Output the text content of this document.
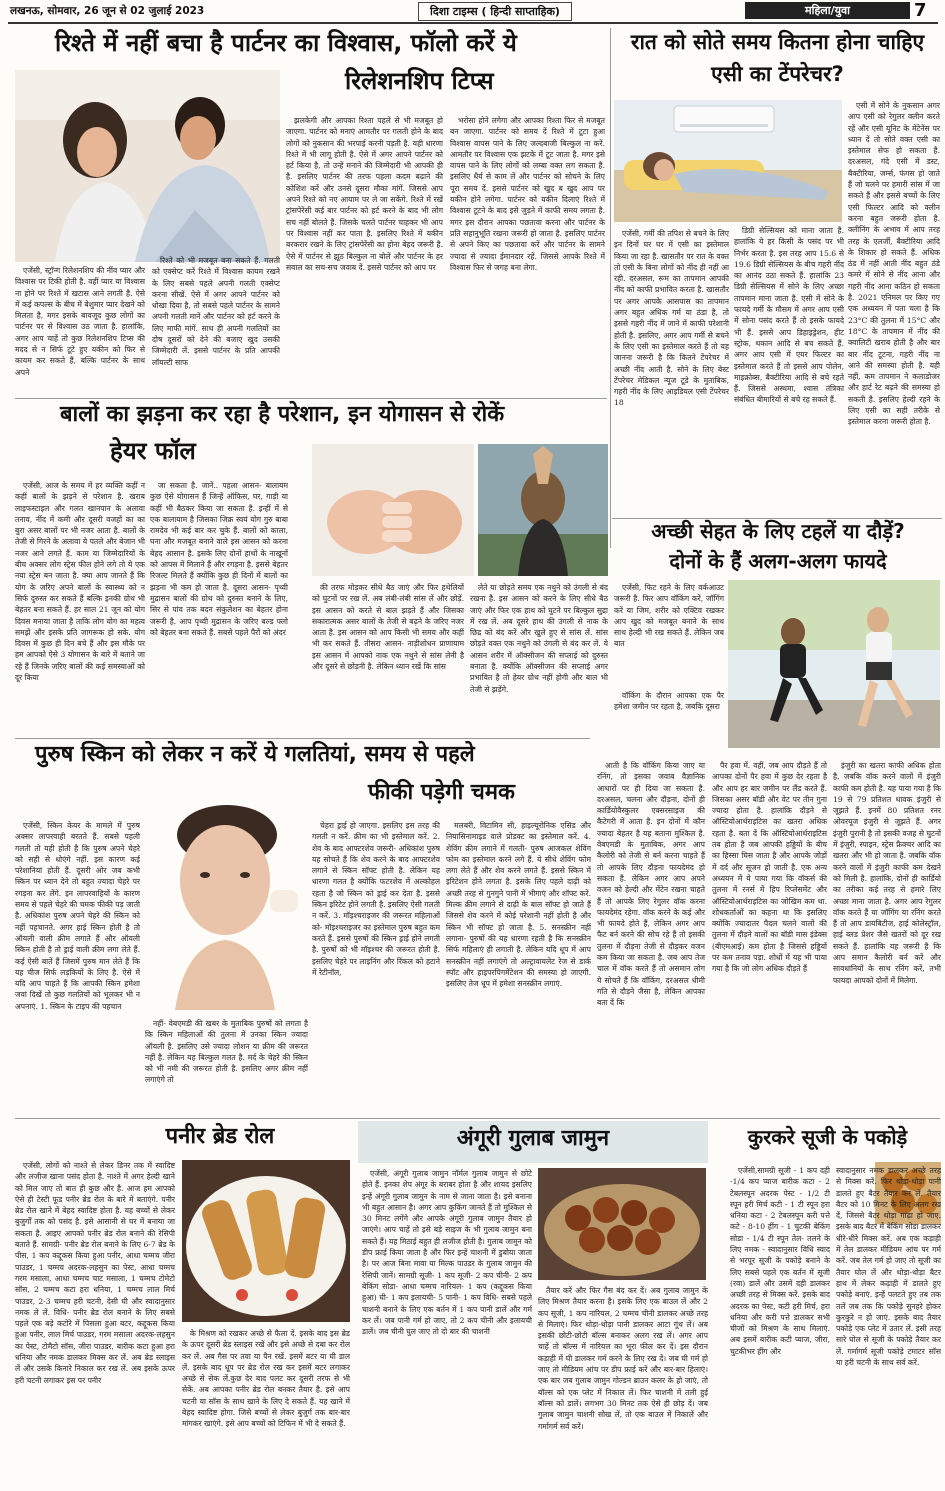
लखनऊ, सोमवार, 26 जून से 02 जुलाई 2023	दिशा टाइम्स ( हिन्दी साप्ताहिक)	महिला/युवा	7
रिश्ते में नहीं बचा है पार्टनर का विश्वास, फॉलो करें ये
रिलेशनशिप टिप्स

एजेंसी, स्ट्रॉन्ग रिलेशनशिप की नींव प्यार और विश्वास पर टिकी होती है. वहीं प्यार या विश्वास ना होने पर रिश्ते में खटास आने लगती है. ऐसे में कई कपल्स के बीच में बेशुमार प्यार देखने को मिलता है, मगर इसके बावजूद कुछ लोगों का पार्टनर पर से विश्वास उठ जाता है. हालांकि, अगर आप चाहें तो कुछ रिलेशनशिप टिप्स की मदद से न सिर्फ टूटे हुए यकीन को फिर से कायम कर सकते हैं, बल्कि पार्टनर के साथ अपने

रिश्ते को भी मजबूत बना सकते हैं. गलती को एक्सेप्ट करें रिश्ते में विश्वास कायम रखने के लिए सबसे पहले अपनी गलती एक्सेप्ट करना सीखें. ऐसे में अगर आपने पार्टनर को धोखा दिया है, तो सबसे पहले पार्टनर के सामने अपनी गलती मानें और पार्टनर को हर्ट करने के लिए माफी मांगें. साथ ही अपनी गलतियों का दोष दूसरों को देने की बजाए खुद उसकी जिम्मेदारी लें. इससे पार्टनर के प्रति आपकी लॉयल्टी साफ

झलकेगी और आपका रिश्ता पहले से भी मजबूत हो जाएगा. पार्टनर को मनाएं आमतौर पर गलती होने के बाद लोगों को नुकसान की भरपाई करनी पड़ती है. यही धारणा रिश्ते में भी लागू होती है. ऐसे में अगर आपने पार्टनर को हर्ट किया है, तो उन्हें मनाने की जिम्मेदारी भी आपकी ही है. इसलिए पार्टनर की तरफ पहला कदम बढ़ाने की कोशिश करें और उनसे दूसरा मौका मांगें. जिससे आप अपने रिश्ते को नए आयाम पर ले जा सकेंगे. रिश्ते में रखें ट्रांसपेरेंसी कई बार पार्टनर को हर्ट करने के बाद भी लोग सच नहीं बोलते हैं. जिसके चलते पार्टनर चाहकर भी आप पर विश्वास नहीं कर पाता है. इसलिए रिश्ते में यकीन बरकरार रखने के लिए ट्रांसपेरेंसी का होना बेहद जरूरी है. ऐसे में पार्टनर से झूठ बिल्कुल ना बोलें और पार्टनर के हर सवाल का सच-सच जवाब दें. इससे पार्टनर को आप पर

भरोसा होने लगेगा और आपका रिश्ता फिर से मजबूत बन जाएगा. पार्टनर को समय दें रिश्ते में टूटा हुआ विश्वास वापस पाने के लिए जल्दबाजी बिल्कुल ना करें. आमतौर पर विश्वास एक झटके में टूट जाता है. मगर इसे वापस पाने के लिए लोगों को लम्बा वक्त लग सकता है. इसलिए धैर्य से काम लें और पार्टनर को सोचने के लिए पूरा समय दें. इससे पार्टनर को खुद ब खुद आप पर यकीन होने लगेगा. पार्टनर को यकीन दिलाएं रिश्ते में विश्वास टूटने के बाद इसे जुड़ने में काफी समय लगता है. मगर इस दौरान आपका पछतावा करना और पार्टनर के प्रति सहानुभूति रखना जरूरी हो जाता है. इसलिए पार्टनर से अपने किए का पछतावा करें और पार्टनर के सामने ज्यादा से ज्यादा ईमानदार रहें. जिससे आपके रिश्ते में विश्वास फिर से जगह बना लेगा.

रात को सोते समय कितना होना चाहिए
एसी का टेंपरेचर?

एजेंसी, गर्मी की तपिश से बचने के लिए इन दिनों घर घर में एसी का इस्तेमाल किया जा रहा है. खासतौर पर रात के वक्त तो एसी के बिना लोगों को नींद ही नहीं आ रही. दरअसल, रूम का तापमान आपकी नींद को काफी प्रभावित करता है. खासतौर पर अगर आपके आसपास का तापमान अगर बहुत अधिक गर्म या ठंडा है, तो इससे गहरी नींद में जाने में काफी परेशानी होती है. इसलिए, अगर आप गर्मी से बचने के लिए एसी का इस्तेमाल करते हैं तो यह जानना जरूरी है कि कितने टेंपरेचर में अच्छी नींद आती है. सोने के लिए बेस्ट टेंपरेचर मेडिकल न्यूज टूडे के मुताबिक, गहरी नींद के लिए आइडियल एसी टेंपरेचर 18

डिग्री सेल्सियस को माना जाता है. हालांकि ये हर किसी के पसंद पर भी निर्भर करता है. इस तरह आप 15.6 से 19.6 डिग्री सेल्सियस के बीच गहरी नींद का आनंद उठा सकते हैं. हालांकि 23 डिग्री सेल्सियस में सोने के लिए अच्छा तापमान माना जाता है. एसी में सोने के फायदे गर्मी के मौसम में अगर आप एसी में सोना पसंद करते हैं तो इसके फायदे भी हैं. इससे आप डिहाइड्रेशन, हीट स्ट्रोक, थकान आदि से बच सकते हैं. अगर आप एसी में एयर फिल्टर का इस्तेमाल करते हैं तो इससे आप पोलेन, माइक्रोब्स, बैक्टीरिया आदि से बचे रहते हैं. जिससे अस्थमा, श्वास तंत्रिका संबंधित बीमारियों से बचे रह सकते हैं.

एसी में सोने के नुकसान अगर आप एसी को रेगुलर क्लीन करते रहें और एसी यूनिट के मेंटेनेंस पर ध्यान दें तो सोते वक्त एसी का इस्तेमाल सेफ हो सकता है. दरअसल, गंदे एसी में डस्ट, बैक्टीरिया, जर्म्स, फंगस हो जाते हैं जो चलने पर हमारी सांस में जा सकते हैं और इससे बच्चों के लिए एसी फिल्टर आदि को क्लीन करना बहुत जरूरी होता है. क्लीनिंग के अभाव में आप तरह तरह के एलर्जी, बैक्टीरिया आदि के शिकार हो सकते हैं. अधिक ठंड में नहीं आती नींद बहुत ठंडे कमरे में सोने से नींद आना और गहरी नींद आना कठिन हो सकता है. 2021 एनिमल पर किए गए एक अध्ययन में पता चला है कि 23°C की तुलना में 15°C और 18°C के तापमान में नींद की क्वालिटी खराब होती है और बार बार नींद टूटना, गहरी नींद ना आने की समस्या होती है. यही नहीं, कम तापमान ने कलाडोजर और हार्ट रेट बढ़ने की समस्या हो सकती है. इसलिए हेल्दी रहने के लिए एसी का सही तरीके से इस्तेमाल करना जरूरी होता है.

बालों का झड़ना कर रहा है परेशान, इन योगासन से रोकें
हेयर फॉल

एजेंसी, आज के समय में हर व्यक्ति कहीं न कहीं बालों के झड़ने से परेशान है. खराब लाइफस्टाइल और गलत खानपान के अलावा तनाव, नींद में कमी और दूसरी वजहों का का बुरा असर बालों पर भी नजर आता है. बालों के तेजी से गिरने के अलावा ये पतले और बेजान भी नजर आने लगते हैं. काम या जिम्मेदारियों के बीच अक्सर लोग स्ट्रेस फील होने लगे तो ये एक नया स्ट्रेस बन जाता है. क्या आप जानते हैं कि योग के जरिए अपने बालों के स्वास्थ्य को न सिर्फ दुरुस्त कर सकते हैं बल्कि इनकी ग्रोथ भी बेहतर बना सकते हैं. हर साल 21 जून को योग दिवस मनाया जाता है ताकि लोग योग का महत्व समझें और इसके प्रति जागरूक हो सके. योग दिवस में कुछ ही दिन बचे हैं और इस मौके पर हम आपको ऐसे 3 योगासन के बारे में बताने जा रहे हैं जिनके जरिए बालों की कई समस्याओं को दूर किया

जा सकता है. जानें.. पहला आसन- बालायम कुछ ऐसे योगासन हैं जिन्हें ऑफिस, घर, गाड़ी या कहीं भी बैठकर किया जा सकता है. इन्हीं में से एक बालायाम है जिसका जिक्र स्वयं योग गुरु बाबा रामदेव भी कई बार कर चुके हैं. बालों को काला, घना और मजबूत बनाने वाले इस आसन को करना बेहद आसान है. इसके लिए दोनों हाथों के नाखूनों को आपस में मिलाने हैं और रगड़ना है. इससे बेहतर रिजल्ट मिलते हैं क्योंकि कुछ ही दिनों में बालों का झड़ना भी कम हो जाता है. दूसरा आसन- पृथ्वी मुद्रासन बालों की ग्रोथ को दुरुस्त बनाने के लिए, सिर से पांव तक बदन संकुलेशन का बेहतर होना जरूरी है. आप पृथ्वी मुद्रासन के जरिए बल्ड फ्लो को बेहतर बना सकते हैं. सबसे पहले पैरों को अंदर

की तरफ मोड़कर सीधे बैठ जाएं और फिर हथेलियों को घुटनों पर रख लें. अब लंबी-लंबी सांस लें और छोड़ें. इस आसन को करते से बाल झड़ते हैं और जिसका सकारात्मक असर बालों के तेजी से बढ़ने के जरिए नजर आता है. इस आसन को आप किसी भी समय और कहीं भी कर सकते हैं. तीसरा आसन- नाड़ीशोधन प्राणायाम इस आसन में आपको नाक एक नथुने से सांस लेनी है और दूसरे से छोड़नी है. लेकिन ध्यान रखें कि सांस

लेते या छोड़ते समय एक नथुने को उंगली से बंद रखना है. इस आसन को करने के लिए सीधे बैठ जाएं और फिर एक हाथ को घुटने पर बिल्कुल सुद्रा में रख लें. अब दूसरे हाथ की उंगली से नाक के छिद्र को बंद करें और खुले हुए से सांस लें. सांस छोड़ते वक्त एक नथुने को उंगली से बंद कर लें. ये आसन शरीर में ऑक्सीजन की सप्लाई को दुरुस्त बनाता है. क्योंकि ऑक्सीजन की सप्लाई अगर प्रभावित है तो हेयर ग्रोथ नहीं होगी और बाल भी तेजी से झड़ेंगे.

अच्छी सेहत के लिए टहलें या दौड़ें?
दोनों के हैं अलग-अलग फायदे

एजेंसी, फिट रहने के लिए वर्कआउट जरूरी है. फिर आप वॉकिंग करें, जॉगिंग करें या जिम, शरीर को एक्टिव रखकर आप खुद को मजबूत बनाने के साथ साथ हेल्दी भी रख सकते हैं. लेकिन जब बात

वॉकिंग के दौरान आपका एक पैर हमेशा जमीन पर रहता है, जबकि दूसरा

आती है कि वॉकिंग किया जाए या रनिंग, तो इसका जवाब वैज्ञानिक आधारों पर ही दिया जा सकता है. दरअसल, चलना और दौड़ना, दोनों ही कार्डियोवैस्कुलर एक्सरसाइज की कैटेगरी में आता है. इन दोनों में कौन ज्यादा बेहतर है यह बताना मुश्किल है. वेबएमडी के मुताबिक, अगर आप कैलोरी को तेजी से बर्न करना चाहते हैं तो आपके लिए दौड़ना फायदेमंद हो सकता है. लेकिन अगर आप अपने वजन को हेल्दी और मेंटेन रखना चाहते हैं तो आपके लिए रेगुलर वॉक करना फायदेमंद रहेगा. वॉक करने के कई और भी फायदे होते हैं, लेकिन अगर आप फैट बर्न करने की सोच रहे हैं तो इसकी तुलना में दौड़ना तेजी से दौड़कर वजन कम किया जा सकता है. जब आप तेज चाल में वॉक करते हैं तो असमान लोग ये सोचते हैं कि वॉकिंग, दरअसल धीमी गति से दौड़ने जैसा है, लेकिन आपका बता दें कि

पैर हवा में. वहीं, जब आप दौड़ते हैं तो आपका दोनों पैर हवा में कुछ देर रहता है और आप हर बार जमीन पर लैंड करते हैं. जिसका असर बॉडी और वेट पर तीन गुना ज्यादा होता है. हालांकि दौड़ने से ऑस्टियोआर्थराइटिस का खतरा अधिक रहता है. बता दें कि ऑस्टियोआर्थराइटिस तब होता है जब आपकी हड्डियों के बीच का हिस्सा घिस जाता है और आपके जोड़ों में दर्द और सूजन हो जाती है. एक अन्य अध्ययन में ये पाया गया कि वॉकर्स की तुलना में रनर्स में हिप रिप्लेसमेंट और ऑस्टियोआर्थराइटिस का जोखिम कम था. शोधकर्ताओं का कहना था कि इसलिए क्योंकि ज्यादातर पैदल चलने वालों की तुलना में दौड़ने वालों का बॉडी मास इंडेक्स (बीएमआई) कम होता है जिससे हड्डियों पर कम तनाव पड़ा. शोधों में यह भी पाया गया है कि जो लोग अधिक दौड़ते हैं

इंजुरी का खतरा काफी अधिक होता है, जबकि वॉक करने वालों में इंजुरी काफी कम होती है. यह पाया गया है कि 19 से 79 प्रतिशत धावक इंजुरी से जूझते हैं. इनमें 80 प्रतिशत रनर ओवरयूज इंजुरी से जूझते हैं. अगर इंजुरी पुरानी है तो इसकी वजह से घुटनों में इंजुरी, स्पाइन, स्ट्रेस फ्रैक्चर आदि का खतरा और भी हो जाता है. जबकि वॉक करने वालों में इंजुरी काफी कम देखने को मिली है. हालांकि, दोनों ही कार्डियो का तरीका कई तरह से हमारे लिए अच्छा माना जाता है. अगर आप रेगुलर वॉक करते हैं या जॉगिंग या रनिंग करते हैं तो आप डायबिटीज, हाई कोलेस्ट्रॉल, हाई ब्लड प्रेशर जैसे खतरों को दूर रख सकते हैं. हालांकि यह जरूरी है कि आप समान कैलोरी बर्न करें और सावधानियों के साथ रनिंग करें, तभी फायदा आपको दोनों में मिलेगा.

पुरुष स्किन को लेकर न करें ये गलतियां, समय से पहले
फीकी पड़ेगी चमक

एजेंसी, स्किन केयर के मामले में पुरुष अक्सर लापरवाही बरतते हैं. सबसे पहली गलती तो यही होती है कि पुरुष अपने चेहरे को सही से धोएंगे नहीं. इस कारण कई परेशानियां होती हैं. दूसरी ओर जब कभी स्किन पर ध्यान देने तो बहुत ज्यादा चेहरे पर रगड़ना कर लेंगे. इन लापरवाहियों के कारण समय से पहले चेहरे की चमक फीकी पड़ जाती है. अधिकांश पुरुष अपने चेहरे की स्किन को नहीं पहचानते. अगर हाई स्किन होती है तो ऑयली वाली क्रीम लगाते हैं और ऑयली स्किन होती है तो ड्राई वाली क्रीम लगा लेते हैं. कई ऐसी बातें हैं जिसमें पुरुष मान लेते हैं कि यह चीज सिर्फ लड़कियों के लिए है. ऐसे में यदि आप चाहते हैं कि आपकी स्किन हमेशा जवां दिखें तो कुछ गलतियों को भूलकर भी न अपनाएं. 1. स्किन के टाइप की पहचान

नहीं- वेबएमडी की खबर के मुताबिक पुरुषों को लगता है कि स्किन महिलाओं की तुलना में उनका स्किन ज्यादा ऑयली है. इसलिए उसे ज्यादा लोशन या क्रीम की जरूरत नहीं है. लेकिन यह बिल्कुल गलत है. मर्द के चेहरे की स्किन को भी नमी की जरूरत होती है. इसलिए अगर क्रीम नहीं लगाएंगे तो

चेहरा ड्राई हो जाएगा. इसलिए इस तरह की गलती न करें. क्रीम का भी इस्तेमाल करें. 2. शेव के बाद आफ्टरशेव जरूरी- अधिकांश पुरुष यह सोचते हैं कि शेव करने के बाद आफ्टरशेव लगाने से स्किन सॉफ्ट होती है. लेकिन यह धारणा गलत है क्योंकि फटरशेव में अल्कोहल रहता है जो स्किन को ड्राई कर देता है. इससे स्किन इरिटेट होने लगती है. इसलिए ऐसी गलती न करें. 3. मॉइश्चराइजर की जरूरत महिलाओं को- मॉइश्चराइजर का इस्तेमाल पुरुष बहुत कम करते हैं. इससे पुरुषों की स्किन ड्राई होने लगती है. पुरुषों को भी मॉइश्चर की जरूरत होती है. इसलिए चेहरे पर लाइनिंग और रिंकल को हटाने में रेटीनॉल,

मलबरी, विटामिन सी, हाइल्यूरोनिक एसिड और नियासिनामाइड वाले प्रोडक्ट का इस्तेमाल करें. 4. शेविंग क्रीम लगाने में गलती- पुरुष आजकल शेविंग फोम का इस्तेमाल करने लगे हैं. ये सीधे शेविंग फोम लगा लेते हैं और शेव करने लगते हैं. इससे स्किन में इरिटेशन होने लगता है. इसके लिए पहले दाढ़ी को अच्छी तरह से गुनगुने पानी में भीगाएं और शॉफ्ट करें. मिल्क क्रीम लगाने से दाढ़ी के बाल सॉफ्ट हो जाते हैं जिससे शेव करने में कोई परेशानी नहीं होती है और स्किन भी सॉफ्ट हो जाता है. 5. सनस्क्रीन नहीं लगाना- पुरुषों की यह धारणा रहती है कि सनस्क्रीन सिर्फ महिलाएं ही लगाती है. लेकिन यदि धूप में आप सनस्क्रीन नहीं लगाएंगे तो अल्ट्रावायलेट रेज से डार्क स्पॉट और हाइपरपिगमेंटेशन की समस्या हो जाएगी. इसलिए तेज धूप में हमेशा सनस्क्रीन लगाएं.

पनीर ब्रेड रोल

एजेंसी, लोगों को नाश्ते से लेकर डिनर तक में स्वादिष्ट और लजीज खाना पसंद होता है. नाश्ते में अगर हेल्दी खाने को मिल जाए तो बात ही कुछ और है. आज हम आपको ऐसे ही टेस्टी फूड पनीर ब्रेड रोल के बारे में बताएंगे. पनीर ब्रेड रोल खाने में बेहद स्वादिष्ट होता है. यह बच्चों से लेकर बुजुर्गों तक को पसंद है. इसे आसानी से घर में बनाया जा सकता है. आइए आपको पनीर ब्रेड रोल बनाने की रेसिपी बताते हैं. सामग्री- पनीर ब्रेड रोल बनाने के लिए 6-7 ब्रेड के पीस, 1 कप कद्दूकस किया हुआ पनीर, आधा चम्मच जीरा पाउडर, 1 चम्मच अदरक-लहसुन का पेस्ट, आधा चम्मच गरम मसाला, आधा चम्मच चाट मसाला, 1 चम्मच टोमेटो सॉस, 2 चम्मच कटा हरा धनिया, 1 चम्मच लाल मिर्च पाउडर, 2-3 चम्मच हरी चटनी, देसी घी और स्वादानुसार नमक ले लें. विधि- पनीर ब्रेड रोल बनाने के लिए सबसे पहले एक बड़े कटोरे में पिसला हुआ बटर, कद्दूकस किया हुआ पनीर, लाल मिर्च पाउडर, गरम मसाला अदरक-लहसुन का पेस्ट, टोमैटो सॉस, जीरा पाउडर, बारीक कटा हुआ हरा धनिया और नमक डालकर मिक्स कर लें. अब ब्रेड स्लाइस लें और उसके किनारे निकाल कर रख लें. अब इसके ऊपर हरी चटनी लगाकर इस पर पनीर

के मिश्रण को रखकर अच्छे से फैला दें. इसके बाद इस ब्रेड के ऊपर दूसरी ब्रेड स्लाइस रखें और इसे अच्छे से दबा कर रोल कर लें. अब गैस पर तवा या पैन रखें. इसमें बटर या घी डाल लें. इसके बाद धूप पर ब्रेड रोल रख कर इसमें बटर लगाकर अच्छे से सेक लें.कुछ देर बाद पलट कर दूसरी तरफ से भी सेकें. अब आपका पनीर ब्रेड रोल बनकर तैयार है. इसे आप चटनी या सॉस के साथ खाने के लिए दे सकते हैं. यह खाने में बेहद स्वादिष्ट होगा. जिसे बच्चों से लेकर बुजुर्ग तक बार-बार मांगकर खाएंगे. इसे आप बच्चों को टिफिन में भी दे सकते हैं.

अंगूरी गुलाब जामुन

एजेंसी, अंगूरी गुलाब जामुन नॉर्मल गुलाब जामुन से छोटे होते हैं. इनका शेप अंगूर के बराबर होता है और शायद इसलिए इन्हें अंगूरी गुलाब जामुन के नाम से जाना जाता है। इसे बनाना भी बहुत आसान है। अगर आप कुकिंग जानते हैं तो मुश्किल से 30 मिनट लगेंगे और आपके अंगूरी गुलाब जामुन तैयार हो जाएंगे। आप चाहें तो इसे बड़े साइज के भी गुलाब जामुन बना सकते हैं। यह मिठाई बहुत ही लजीज होती है। गुलाब जामुन को डीप फ्राई किया जाता है और फिर इन्हें चाशनी में डुबोया जाता है। पर आज बिना मावा या मिल्क पाउडर के गुलाब जामुन की रेसिपी जानें। सामग्री सूजी- 1 कप सूजी- 2 कप चीनी- 2 कप बेकिंग सोडा- आधा चम्मच नारियल- 1 कप (कद्दूकस किया हुआ) घी- 1 कप इलायची- 5 पानी- 1 कप विधि- सबसे पहले चाशनी बनाने के लिए एक बर्तन में 1 कप पानी डालें और गर्म कर लें। जब पानी गर्म हो जाए, तो 2 कप चीनी और इलायची डालें। जब चीनी घुल जाए तो दो बार की चाशनी

तैयार करें और फिर गैस बंद कर दें। अब गुलाब जामुन के लिए मिश्रण तैयार करना है। इसके लिए एक बाउल लें और 2 कप सूजी, 1 कप नारियल, 2 चम्मच चीनी डालकर अच्छे तरह से मिलाएं। फिर थोड़ा-थोड़ा पानी डालकर आटा गूंथ लें। अब इसकी छोटी-छोटी बॉल्स बनाकर अलग रख लें। अगर आप चाहें तो बॉल्स में नारियल का भूरा फील कर दें। इस दौरान कड़ाही में घी डालकर गर्म करने के लिए रख दें। जब घी गर्म हो जाए तो मीडियम आंच पर डीप फ्राई करें और बार-बार हिलाएं। एक बार जब गुलाब जामुन गोल्डन ब्राउन कलर के हो जाएं, तो बॉल्स को एक प्लेट में निकाल लें। फिर चाशनी में तली हुई बॉल्स को डालें। लगभग 30 मिनट तक ऐसे ही छोड़ दें। जब गुलाब जामुन चाशनी सोख लें, तो एक बाउल में निकालें और गर्मागर्म सर्व करें।

कुरकरे सूजी के पकोड़े

एजेंसी,सामग्री सूजी - 1 कप दही -1/4 कप प्याज बारीक कटा - 2 टेबलस्पून अदरक पेस्ट - 1/2 टी स्पून हरी मिर्च कटी - 1 टी स्पून हरा धनिया कटा - 2 टेबलस्पून करी पत्ते कटे - 8-10 हींग - 1 चुटकी बेकिंग सोडा - 1/4 टी स्पून तेल- तलने के लिए नमक - स्वादानुसार विधि स्वाद से भरपूर सूजी के पकोड़े बनाने के लिए सबसे पहले एक बर्तन में सूजी (रवा) डालें और उसमें दही डालकर अच्छी तरह से मिक्स करें. इसके बाद अदरक का पेस्ट, कटी हरी मिर्च, हरा धनिया और करी पत्ते डालकर सभी चीजों को मिश्रण के साथ मिलाएं. अब इसमें बारीक कटी प्याज, जीरा, चुटकीभर हींग और

स्वादानुसार नमक डालकर अच्छे तरह से मिक्स करें. फिर थोड़ा-थोड़ा पानी डालते हुए बैटर तैयार कर लें. तैयार बैटर को 10 मिनट के लिए अलग रख दें, जिससे बैटर थोड़ा गाढ़ा हो जाए. इसके बाद बैटर में बेकिंग सोडा डालकर धीरे-धीरे मिक्स करें. अब एक कड़ाही में तेल डालकर मीडियम आंच पर गर्म करें. जब तेल गर्म हो जाए तो सूजी का तैयार घोल लें और थोड़ा-थोड़ा बैटर हाथ में लेकर कढ़ाही में डालते हुए पकोड़े बनाएं. इन्हें पलटते हुए तब तक तलें जब तक कि पकोड़े सुनहरे होकर कुरकुरे न हो जाएं. इसके बाद तैयार पकोड़े एक प्लेट में उतार लें. इसी तरह सारे घोल से सूजी के पकोड़े तैयार कर लें. गर्मागर्म सूजी पकोड़े टमाटर सॉस या हरी चटनी के साथ सर्व करें.
